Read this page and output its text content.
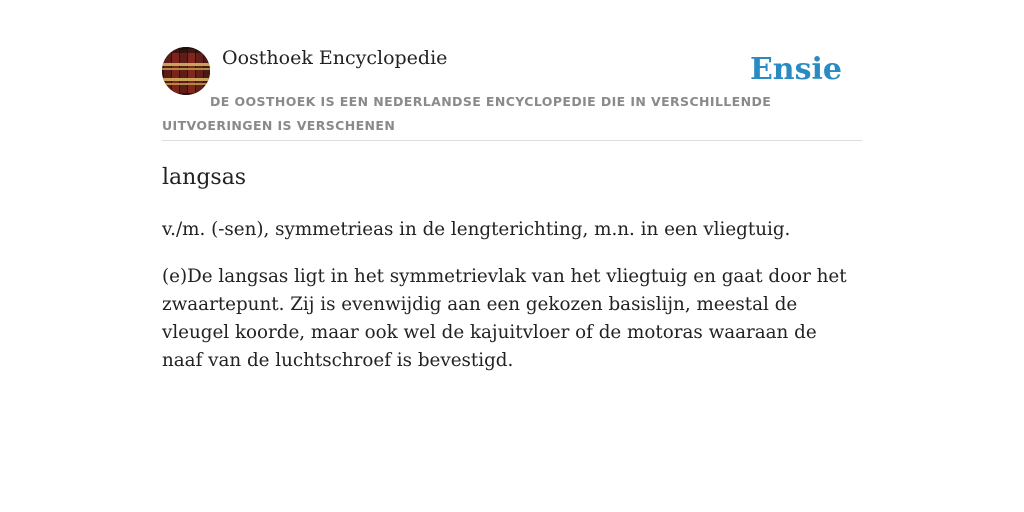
Oosthoek Encyclopedie	Ensie
DE OOSTHOEK IS EEN NEDERLANDSE ENCYCLOPEDIE DIE IN VERSCHILLENDE UITVOERINGEN IS VERSCHENEN
langsas

v./m. (-sen), symmetrieas in de lengterichting, m.n. in een vliegtuig.

(e)De langsas ligt in het symmetrievlak van het vliegtuig en gaat door het zwaartepunt. Zij is evenwijdig aan een gekozen basislijn, meestal de vleugel koorde, maar ook wel de kajuitvloer of de motoras waaraan de naaf van de luchtschroef is bevestigd.
